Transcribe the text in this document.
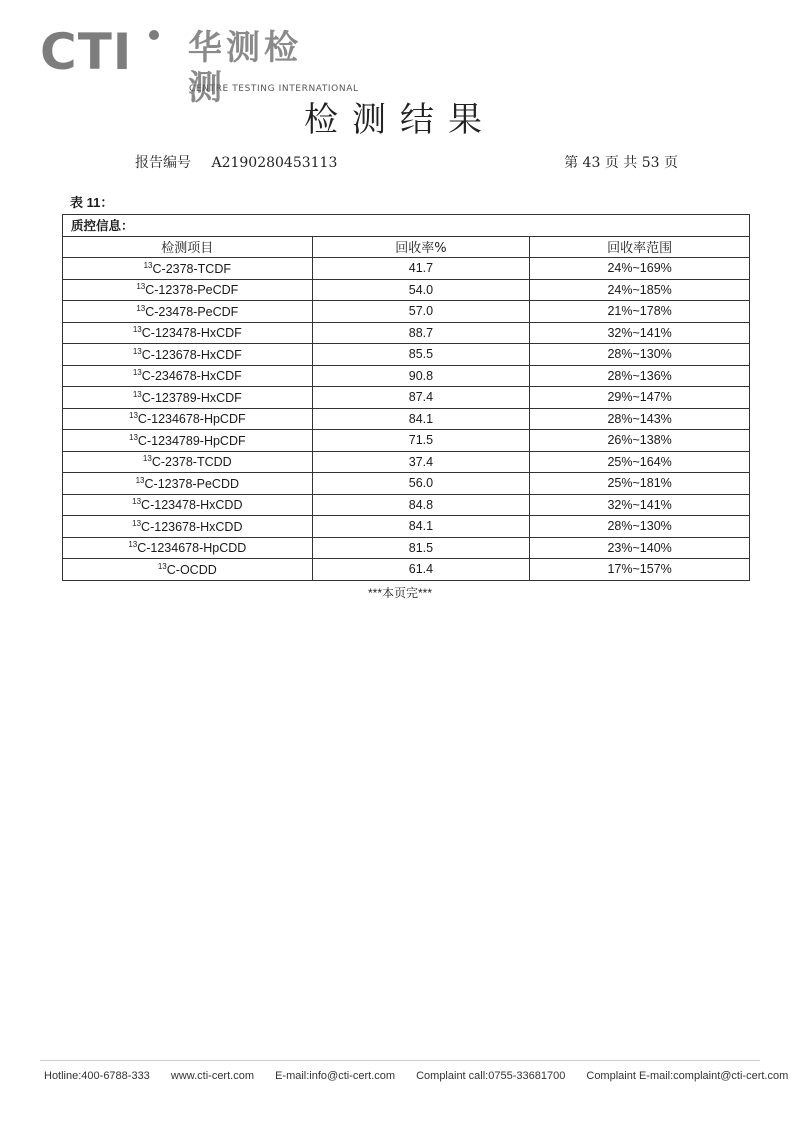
CTI 华测检测
CENTRE TESTING INTERNATIONAL
检测结果
报告编号 A2190280453113	第 43 页 共 53 页
表 11：
质控信息：		
检测项目	回收率%	回收率范围
$^{13}$C-2378-TCDF	41.7	24%~169%
$^{13}$C-12378-PeCDF	54.0	24%~185%
$^{13}$C-23478-PeCDF	57.0	21%~178%
$^{13}$C-123478-HxCDF	88.7	32%~141%
$^{13}$C-123678-HxCDF	85.5	28%~130%
$^{13}$C-234678-HxCDF	90.8	28%~136%
$^{13}$C-123789-HxCDF	87.4	29%~147%
$^{13}$C-1234678-HpCDF	84.1	28%~143%
$^{13}$C-1234789-HpCDF	71.5	26%~138%
$^{13}$C-2378-TCDD	37.4	25%~164%
$^{13}$C-12378-PeCDD	56.0	25%~181%
$^{13}$C-123478-HxCDD	84.8	32%~141%
$^{13}$C-123678-HxCDD	84.1	28%~130%
$^{13}$C-1234678-HpCDD	81.5	23%~140%
$^{13}$C-OCDD	61.4	17%~157%
***本页完***
Hotline:400-6788-333 www.cti-cert.com E-mail:info@cti-cert.com Complaint call:0755-33681700 Complaint E-mail:complaint@cti-cert.com
